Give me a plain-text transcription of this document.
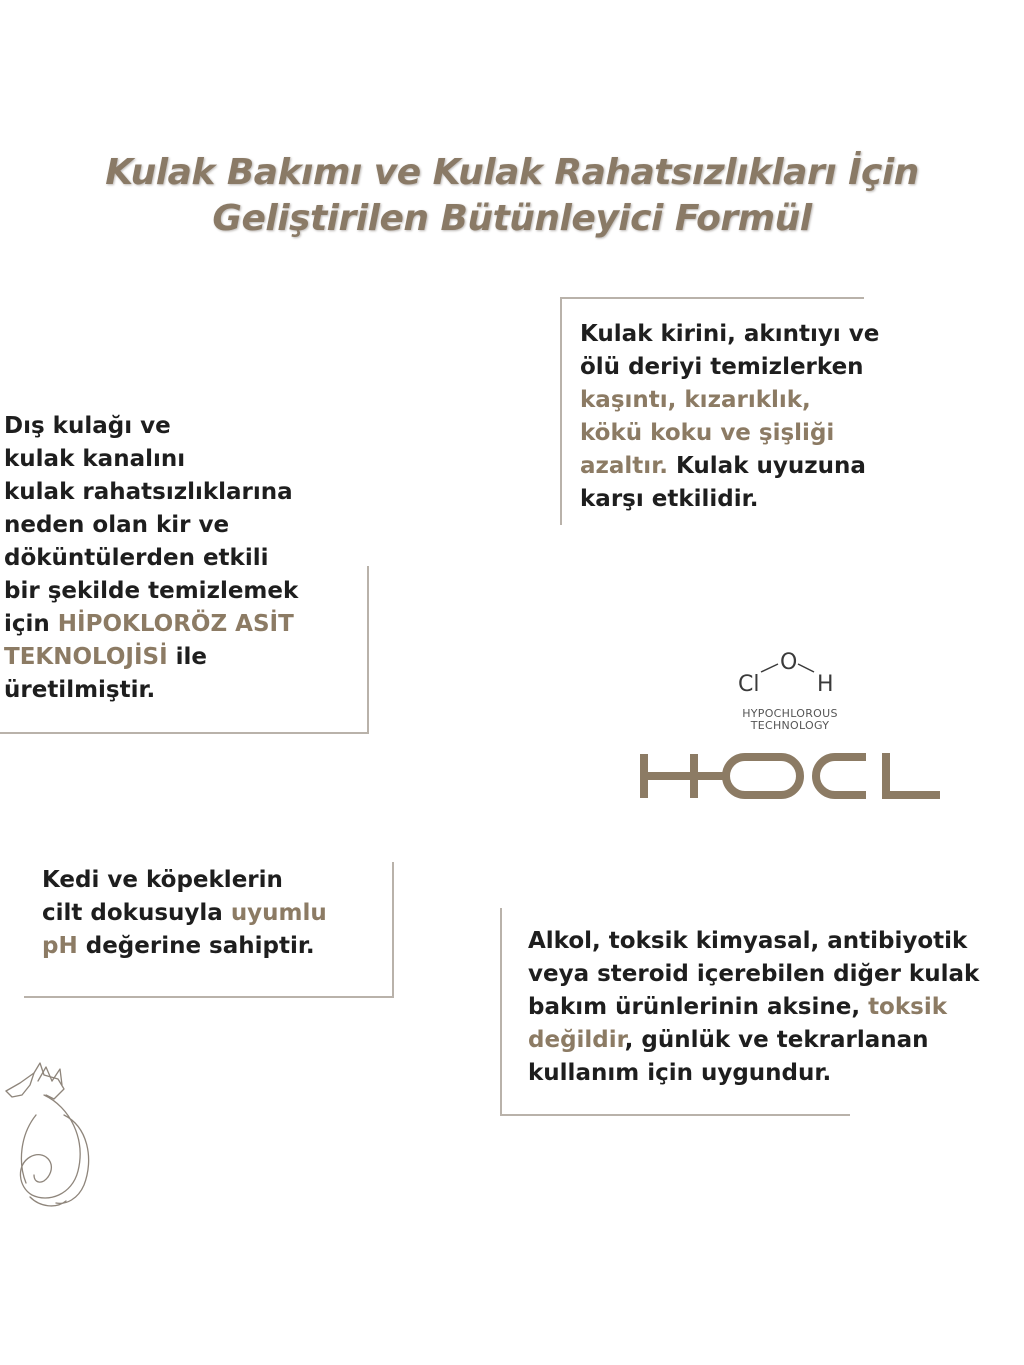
Kulak Bakımı ve Kulak Rahatsızlıkları İçin
Geliştirilen Bütünleyici Formül
Kulak kirini, akıntıyı ve
ölü deriyi temizlerken
kaşıntı, kızarıklık,
kökü koku ve şişliği
azaltır. Kulak uyuzuna
karşı etkilidir.
Dış kulağı ve
kulak kanalını
kulak rahatsızlıklarına
neden olan kir ve
döküntülerden etkili
bir şekilde temizlemek
için HİPOKLORÖZ ASİT
TEKNOLOJİSİ ile
üretilmiştir.	Cl
O
H
HYPOCHLOROUS
TECHNOLOGY
Kedi ve köpeklerin
cilt dokusuyla uyumlu
pH değerine sahiptir.	Alkol, toksik kimyasal, antibiyotik
veya steroid içerebilen diğer kulak
bakım ürünlerinin aksine, toksik
değildir, günlük ve tekrarlanan
kullanım için uygundur.
